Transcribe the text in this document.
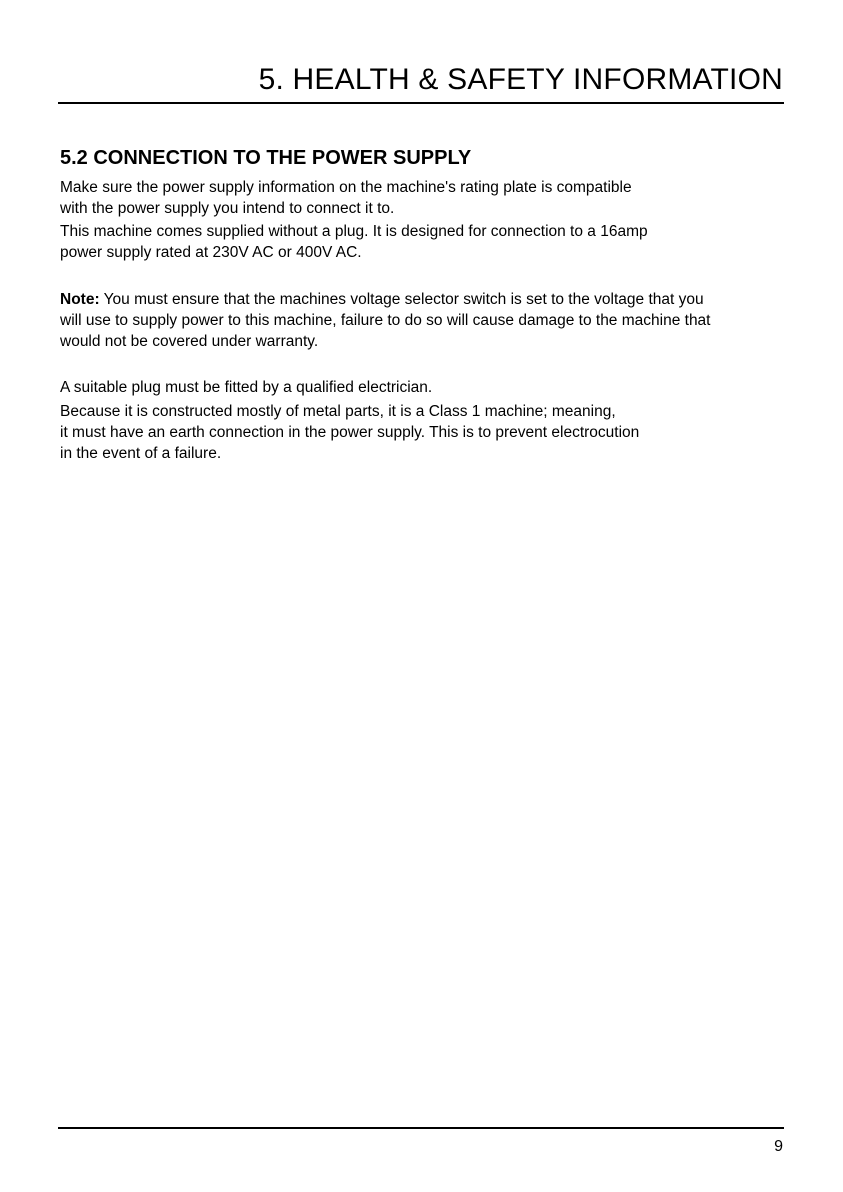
5. HEALTH & SAFETY INFORMATION
5.2 CONNECTION TO THE POWER SUPPLY

Make sure the power supply information on the machine's rating plate is compatible
with the power supply you intend to connect it to.

This machine comes supplied without a plug. It is designed for connection to a 16amp
power supply rated at 230V AC or 400V AC.

Note: You must ensure that the machines voltage selector switch is set to the voltage that you
will use to supply power to this machine, failure to do so will cause damage to the machine that
would not be covered under warranty.

A suitable plug must be fitted by a qualified electrician.

Because it is constructed mostly of metal parts, it is a Class 1 machine; meaning,
it must have an earth connection in the power supply. This is to prevent electrocution
in the event of a failure.

9
